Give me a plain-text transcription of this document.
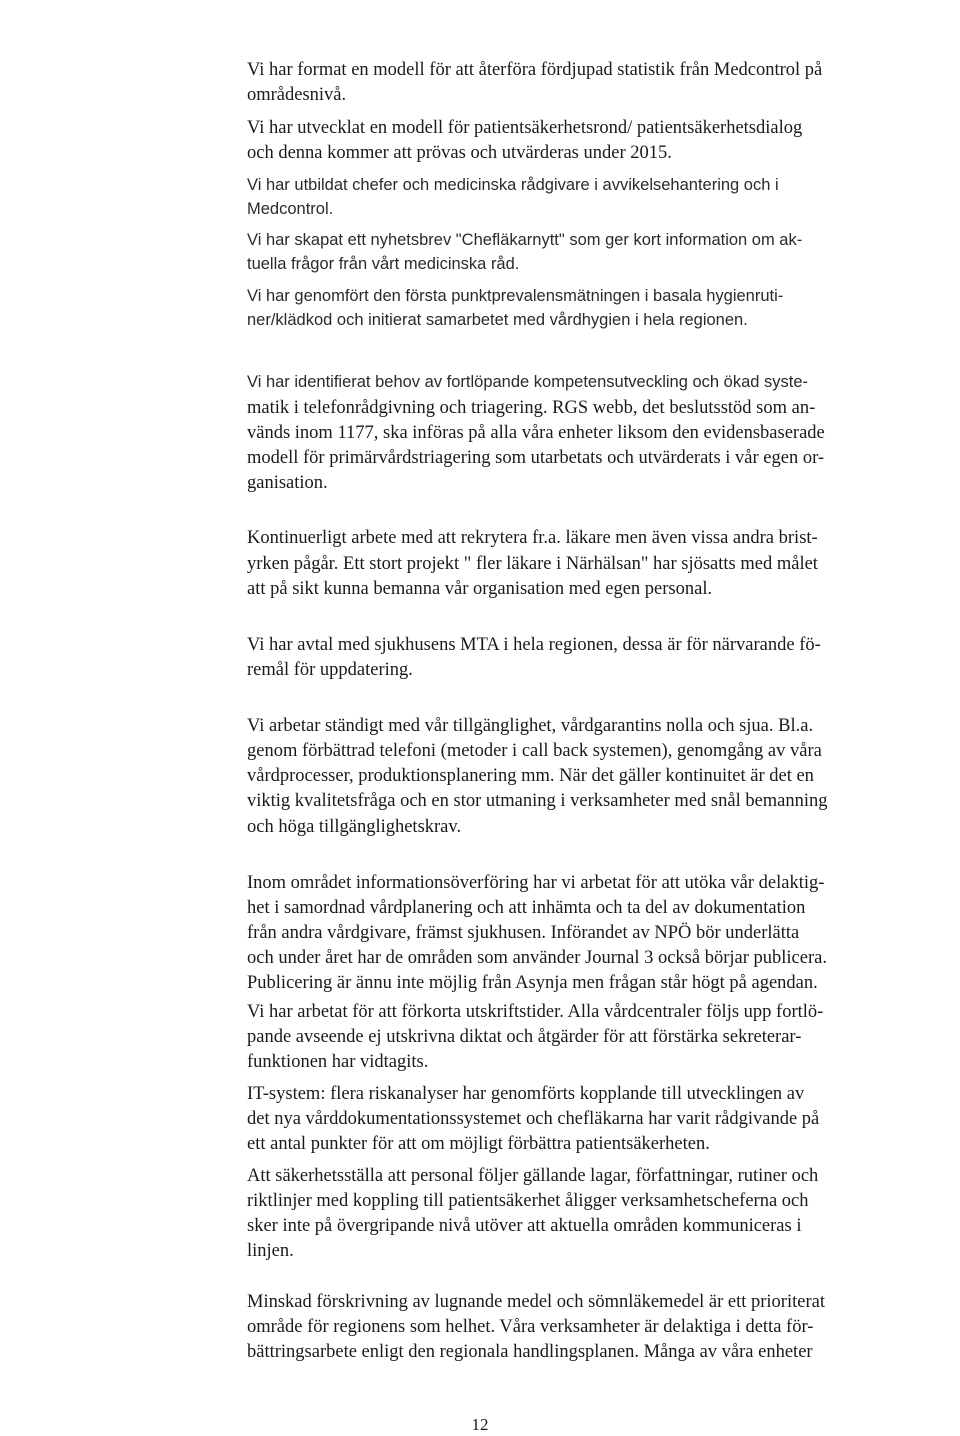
Vi har format en modell för att återföra fördjupad statistik från Medcontrol på
områdesnivå.
Vi har utvecklat en modell för patientsäkerhetsrond/ patientsäkerhetsdialog
och denna kommer att prövas och utvärderas under 2015.
Vi har utbildat chefer och medicinska rådgivare i avvikelsehantering och i
Medcontrol.
Vi har skapat ett nyhetsbrev "Chefläkarnytt" som ger kort information om ak-
tuella frågor från vårt medicinska råd.
Vi har genomfört den första punktprevalensmätningen i basala hygienruti-
ner/klädkod och initierat samarbetet med vårdhygien i hela regionen.
Vi har identifierat behov av fortlöpande kompetensutveckling och ökad syste-
matik i telefonrådgivning och triagering. RGS webb, det beslutsstöd som an-
vänds inom 1177, ska införas på alla våra enheter liksom den evidensbaserade
modell för primärvårdstriagering som utarbetats och utvärderats i vår egen or-
ganisation.
Kontinuerligt arbete med att rekrytera fr.a. läkare men även vissa andra brist-
yrken pågår. Ett stort projekt " fler läkare i Närhälsan" har sjösatts med målet
att på sikt kunna bemanna vår organisation med egen personal.
Vi har avtal med sjukhusens MTA i hela regionen, dessa är för närvarande fö-
remål för uppdatering.
Vi arbetar ständigt med vår tillgänglighet, vårdgarantins nolla och sjua. Bl.a.
genom förbättrad telefoni (metoder i call back systemen), genomgång av våra
vårdprocesser, produktionsplanering mm. När det gäller kontinuitet är det en
viktig kvalitetsfråga och en stor utmaning i verksamheter med snål bemanning
och höga tillgänglighetskrav.
Inom området informationsöverföring har vi arbetat för att utöka vår delaktig-
het i samordnad vårdplanering och att inhämta och ta del av dokumentation
från andra vårdgivare, främst sjukhusen. Införandet av NPÖ bör underlätta
och under året har de områden som använder Journal 3 också börjar publicera.
Publicering är ännu inte möjlig från Asynja men frågan står högt på agendan.
Vi har arbetat för att förkorta utskriftstider. Alla vårdcentraler följs upp fortlö-
pande avseende ej utskrivna diktat och åtgärder för att förstärka sekreterar-
funktionen har vidtagits.
IT-system: flera riskanalyser har genomförts kopplande till utvecklingen av
det nya vårddokumentationssystemet och chefläkarna har varit rådgivande på
ett antal punkter för att om möjligt förbättra patientsäkerheten.
Att säkerhetsställa att personal följer gällande lagar, författningar, rutiner och
riktlinjer med koppling till patientsäkerhet åligger verksamhetscheferna och
sker inte på övergripande nivå utöver att aktuella områden kommuniceras i
linjen.
Minskad förskrivning av lugnande medel och sömnläkemedel är ett prioriterat
område för regionens som helhet. Våra verksamheter är delaktiga i detta för-
bättringsarbete enligt den regionala handlingsplanen. Många av våra enheter
12
